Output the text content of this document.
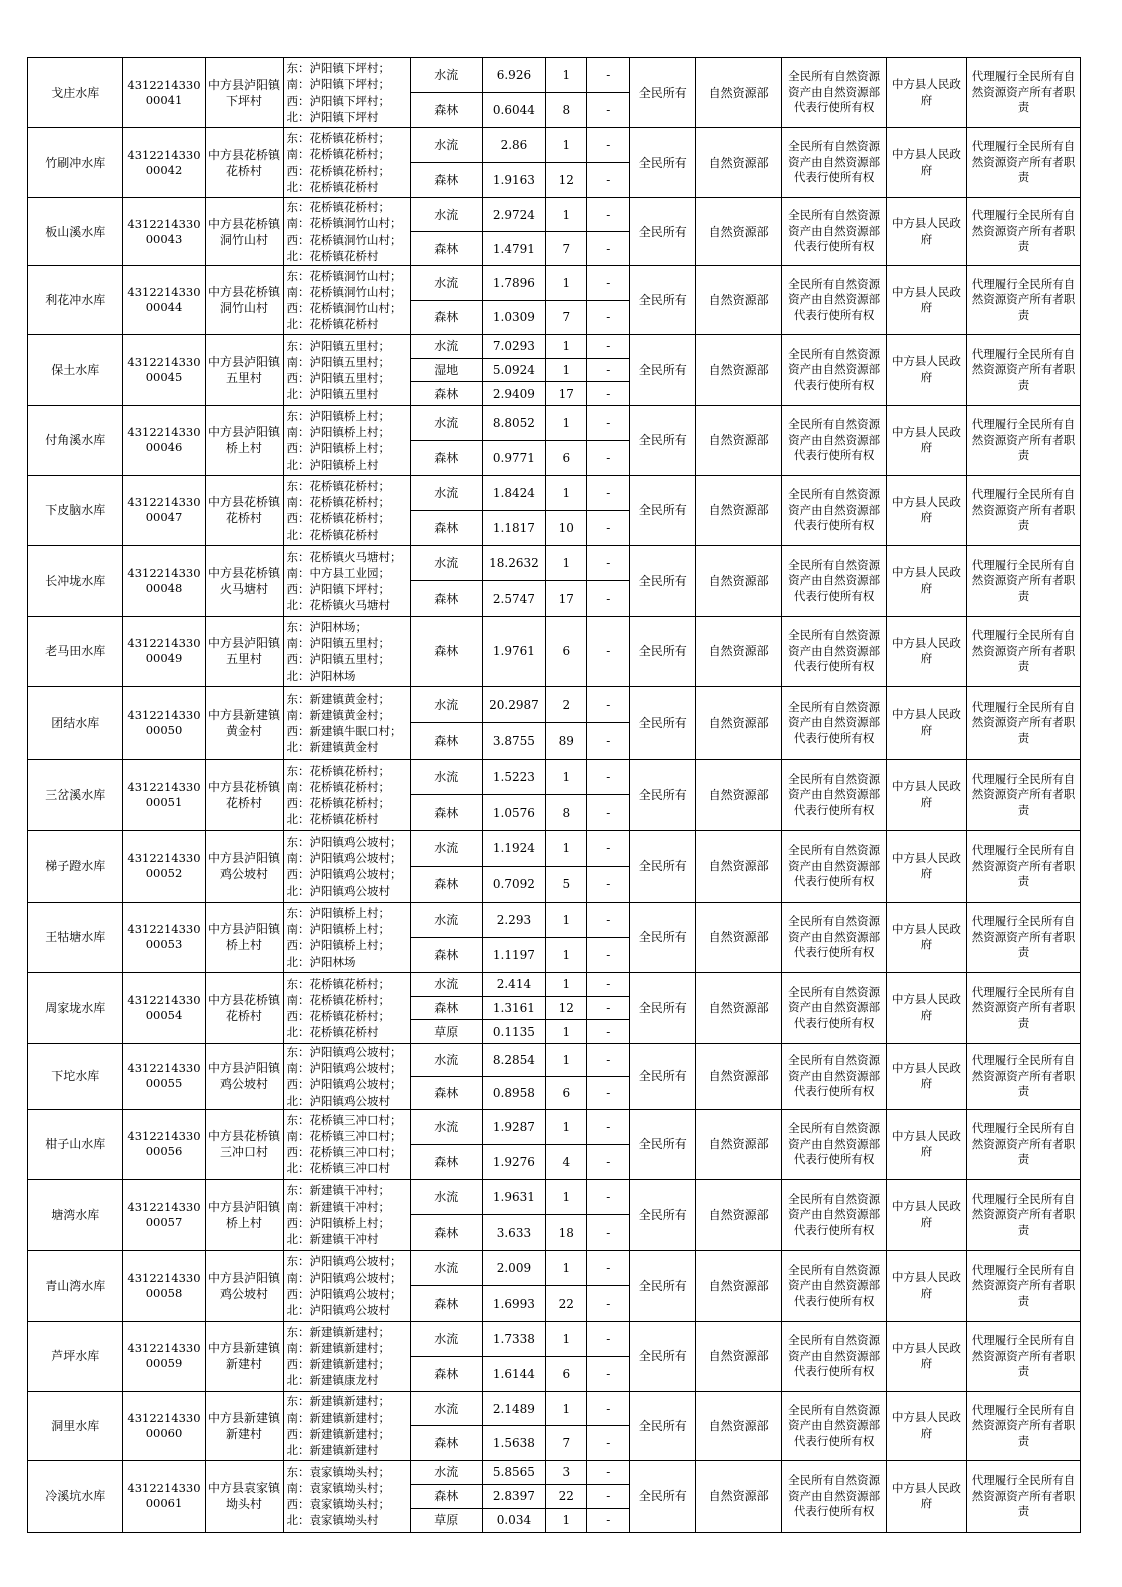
戈庄水库	431221433000041	中方县泸阳镇下坪村	东：泸阳镇下坪村；
南：泸阳镇下坪村；
西：泸阳镇下坪村；
北：泸阳镇下坪村	水流	6.926	1	-	全民所有	自然资源部	全民所有自然资源资产由自然资源部代表行使所有权	中方县人民政府	代理履行全民所有自然资源资产所有者职责
				森林	0.6044	8	-					
竹刷冲水库	431221433000042	中方县花桥镇花桥村	东：花桥镇花桥村；
南：花桥镇花桥村；
西：花桥镇花桥村；
北：花桥镇花桥村	水流	2.86	1	-	全民所有	自然资源部	全民所有自然资源资产由自然资源部代表行使所有权	中方县人民政府	代理履行全民所有自然资源资产所有者职责
				森林	1.9163	12	-					
板山溪水库	431221433000043	中方县花桥镇洞竹山村	东：花桥镇花桥村；
南：花桥镇洞竹山村；
西：花桥镇洞竹山村；
北：花桥镇花桥村	水流	2.9724	1	-	全民所有	自然资源部	全民所有自然资源资产由自然资源部代表行使所有权	中方县人民政府	代理履行全民所有自然资源资产所有者职责
				森林	1.4791	7	-					
利花冲水库	431221433000044	中方县花桥镇洞竹山村	东：花桥镇洞竹山村；
南：花桥镇洞竹山村；
西：花桥镇洞竹山村；
北：花桥镇花桥村	水流	1.7896	1	-	全民所有	自然资源部	全民所有自然资源资产由自然资源部代表行使所有权	中方县人民政府	代理履行全民所有自然资源资产所有者职责
				森林	1.0309	7	-					
保土水库	431221433000045	中方县泸阳镇五里村	东：泸阳镇五里村；
南：泸阳镇五里村；
西：泸阳镇五里村；
北：泸阳镇五里村	水流	7.0293	1	-	全民所有	自然资源部	全民所有自然资源资产由自然资源部代表行使所有权	中方县人民政府	代理履行全民所有自然资源资产所有者职责
				湿地	5.0924	1	-					
				森林	2.9409	17	-					
付角溪水库	431221433000046	中方县泸阳镇桥上村	东：泸阳镇桥上村；
南：泸阳镇桥上村；
西：泸阳镇桥上村；
北：泸阳镇桥上村	水流	8.8052	1	-	全民所有	自然资源部	全民所有自然资源资产由自然资源部代表行使所有权	中方县人民政府	代理履行全民所有自然资源资产所有者职责
				森林	0.9771	6	-					
下皮脑水库	431221433000047	中方县花桥镇花桥村	东：花桥镇花桥村；
南：花桥镇花桥村；
西：花桥镇花桥村；
北：花桥镇花桥村	水流	1.8424	1	-	全民所有	自然资源部	全民所有自然资源资产由自然资源部代表行使所有权	中方县人民政府	代理履行全民所有自然资源资产所有者职责
				森林	1.1817	10	-					
长冲垅水库	431221433000048	中方县花桥镇火马塘村	东：花桥镇火马塘村；
南：中方县工业园；
西：泸阳镇下坪村；
北：花桥镇火马塘村	水流	18.2632	1	-	全民所有	自然资源部	全民所有自然资源资产由自然资源部代表行使所有权	中方县人民政府	代理履行全民所有自然资源资产所有者职责
				森林	2.5747	17	-					
老马田水库	431221433000049	中方县泸阳镇五里村	东：泸阳林场；
南：泸阳镇五里村；
西：泸阳镇五里村；
北：泸阳林场	森林	1.9761	6	-	全民所有	自然资源部	全民所有自然资源资产由自然资源部代表行使所有权	中方县人民政府	代理履行全民所有自然资源资产所有者职责
团结水库	431221433000050	中方县新建镇黄金村	东：新建镇黄金村；
南：新建镇黄金村；
西：新建镇牛眠口村；
北：新建镇黄金村	水流	20.2987	2	-	全民所有	自然资源部	全民所有自然资源资产由自然资源部代表行使所有权	中方县人民政府	代理履行全民所有自然资源资产所有者职责
				森林	3.8755	89	-					
三岔溪水库	431221433000051	中方县花桥镇花桥村	东：花桥镇花桥村；
南：花桥镇花桥村；
西：花桥镇花桥村；
北：花桥镇花桥村	水流	1.5223	1	-	全民所有	自然资源部	全民所有自然资源资产由自然资源部代表行使所有权	中方县人民政府	代理履行全民所有自然资源资产所有者职责
				森林	1.0576	8	-					
梯子蹬水库	431221433000052	中方县泸阳镇鸡公坡村	东：泸阳镇鸡公坡村；
南：泸阳镇鸡公坡村；
西：泸阳镇鸡公坡村；
北：泸阳镇鸡公坡村	水流	1.1924	1	-	全民所有	自然资源部	全民所有自然资源资产由自然资源部代表行使所有权	中方县人民政府	代理履行全民所有自然资源资产所有者职责
				森林	0.7092	5	-					
王牯塘水库	431221433000053	中方县泸阳镇桥上村	东：泸阳镇桥上村；
南：泸阳镇桥上村；
西：泸阳镇桥上村；
北：泸阳林场	水流	2.293	1	-	全民所有	自然资源部	全民所有自然资源资产由自然资源部代表行使所有权	中方县人民政府	代理履行全民所有自然资源资产所有者职责
				森林	1.1197	1	-					
周家垅水库	431221433000054	中方县花桥镇花桥村	东：花桥镇花桥村；
南：花桥镇花桥村；
西：花桥镇花桥村；
北：花桥镇花桥村	水流	2.414	1	-	全民所有	自然资源部	全民所有自然资源资产由自然资源部代表行使所有权	中方县人民政府	代理履行全民所有自然资源资产所有者职责
				森林	1.3161	12	-					
				草原	0.1135	1	-					
下坨水库	431221433000055	中方县泸阳镇鸡公坡村	东：泸阳镇鸡公坡村；
南：泸阳镇鸡公坡村；
西：泸阳镇鸡公坡村；
北：泸阳镇鸡公坡村	水流	8.2854	1	-	全民所有	自然资源部	全民所有自然资源资产由自然资源部代表行使所有权	中方县人民政府	代理履行全民所有自然资源资产所有者职责
				森林	0.8958	6	-					
柑子山水库	431221433000056	中方县花桥镇三冲口村	东：花桥镇三冲口村；
南：花桥镇三冲口村；
西：花桥镇三冲口村；
北：花桥镇三冲口村	水流	1.9287	1	-	全民所有	自然资源部	全民所有自然资源资产由自然资源部代表行使所有权	中方县人民政府	代理履行全民所有自然资源资产所有者职责
				森林	1.9276	4	-					
塘湾水库	431221433000057	中方县泸阳镇桥上村	东：新建镇干冲村；
南：新建镇干冲村；
西：泸阳镇桥上村；
北：新建镇干冲村	水流	1.9631	1	-	全民所有	自然资源部	全民所有自然资源资产由自然资源部代表行使所有权	中方县人民政府	代理履行全民所有自然资源资产所有者职责
				森林	3.633	18	-					
青山湾水库	431221433000058	中方县泸阳镇鸡公坡村	东：泸阳镇鸡公坡村；
南：泸阳镇鸡公坡村；
西：泸阳镇鸡公坡村；
北：泸阳镇鸡公坡村	水流	2.009	1	-	全民所有	自然资源部	全民所有自然资源资产由自然资源部代表行使所有权	中方县人民政府	代理履行全民所有自然资源资产所有者职责
				森林	1.6993	22	-					
芦坪水库	431221433000059	中方县新建镇新建村	东：新建镇新建村；
南：新建镇新建村；
西：新建镇新建村；
北：新建镇康龙村	水流	1.7338	1	-	全民所有	自然资源部	全民所有自然资源资产由自然资源部代表行使所有权	中方县人民政府	代理履行全民所有自然资源资产所有者职责
				森林	1.6144	6	-					
洞里水库	431221433000060	中方县新建镇新建村	东：新建镇新建村；
南：新建镇新建村；
西：新建镇新建村；
北：新建镇新建村	水流	2.1489	1	-	全民所有	自然资源部	全民所有自然资源资产由自然资源部代表行使所有权	中方县人民政府	代理履行全民所有自然资源资产所有者职责
				森林	1.5638	7	-					
冷溪坑水库	431221433000061	中方县袁家镇坳头村	东：袁家镇坳头村；
南：袁家镇坳头村；
西：袁家镇坳头村；
北：袁家镇坳头村	水流	5.8565	3	-	全民所有	自然资源部	全民所有自然资源资产由自然资源部代表行使所有权	中方县人民政府	代理履行全民所有自然资源资产所有者职责
				森林	2.8397	22	-					
				草原	0.034	1	-					
